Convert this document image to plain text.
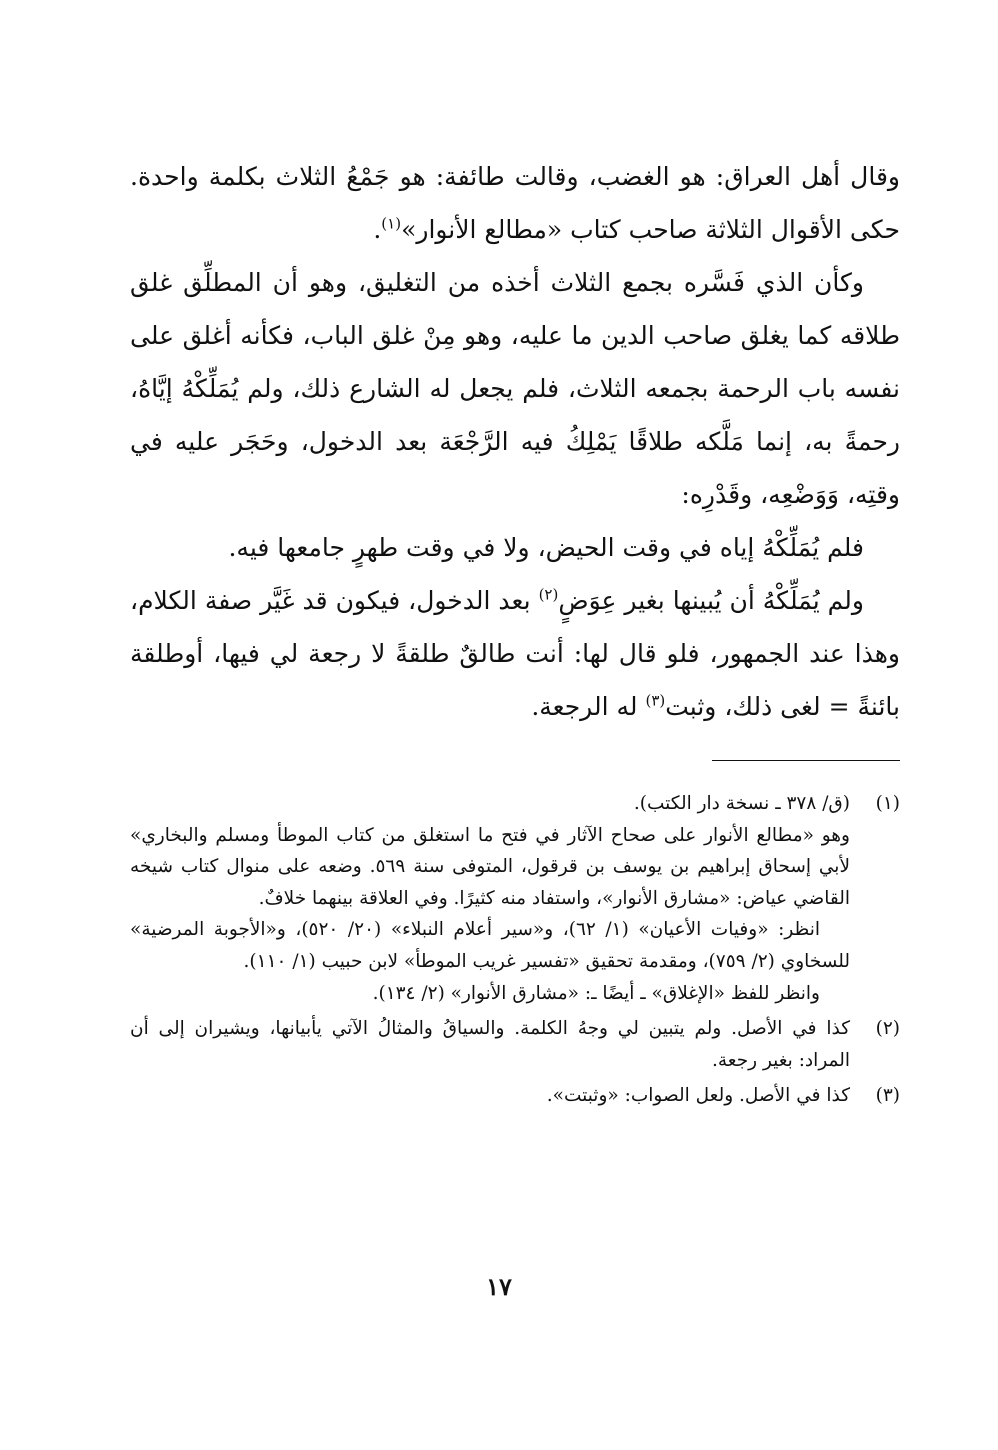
وقال أهل العراق: هو الغضب، وقالت طائفة: هو جَمْعُ الثلاث بكلمة واحدة. حكى الأقوال الثلاثة صاحب كتاب «مطالع الأنوار»$^{(١)}$.

وكأن الذي فَسَّره بجمع الثلاث أخذه من التغليق، وهو أن المطلِّق غلق طلاقه كما يغلق صاحب الدين ما عليه، وهو مِنْ غلق الباب، فكأنه أغلق على نفسه باب الرحمة بجمعه الثلاث، فلم يجعل له الشارع ذلك، ولم يُمَلِّكْهُ إيَّاهُ، رحمةً به، إنما مَلَّكه طلاقًا يَمْلِكُ فيه الرَّجْعَة بعد الدخول، وحَجَر عليه في وقتِه، وَوَضْعِه، وقَدْرِه:

فلم يُمَلِّكْهُ إياه في وقت الحيض، ولا في وقت طهرٍ جامعها فيه.

ولم يُمَلِّكْهُ أن يُبينها بغير عِوَضٍ$^{(٢)}$ بعد الدخول، فيكون قد غَيَّر صفة الكلام، وهذا عند الجمهور، فلو قال لها: أنت طالقٌ طلقةً لا رجعة لي فيها، أوطلقة بائنةً = لغى ذلك، وثبت$^{(٣)}$ له الرجعة.

(١)

(ق/ ٣٧٨ ـ نسخة دار الكتب).

وهو «مطالع الأنوار على صحاح الآثار في فتح ما استغلق من كتاب الموطأ ومسلم والبخاري» لأبي إسحاق إبراهيم بن يوسف بن قرقول، المتوفى سنة ٥٦٩. وضعه على منوال كتاب شيخه القاضي عياض: «مشارق الأنوار»، واستفاد منه كثيرًا. وفي العلاقة بينهما خلافٌ.

انظر: «وفيات الأعيان» (١/ ٦٢)، و«سير أعلام النبلاء» (٢٠/ ٥٢٠)، و«الأجوبة المرضية» للسخاوي (٢/ ٧٥٩)، ومقدمة تحقيق «تفسير غريب الموطأ» لابن حبيب (١/ ١١٠).

وانظر للفظ «الإغلاق» ـ أيضًا ـ: «مشارق الأنوار» (٢/ ١٣٤).

(٢)

كذا في الأصل. ولم يتبين لي وجهُ الكلمة. والسياقُ والمثالُ الآتي يأبيانها، ويشيران إلى أن المراد: بغير رجعة.

(٣)

كذا في الأصل. ولعل الصواب: «وثبتت».

١٧
